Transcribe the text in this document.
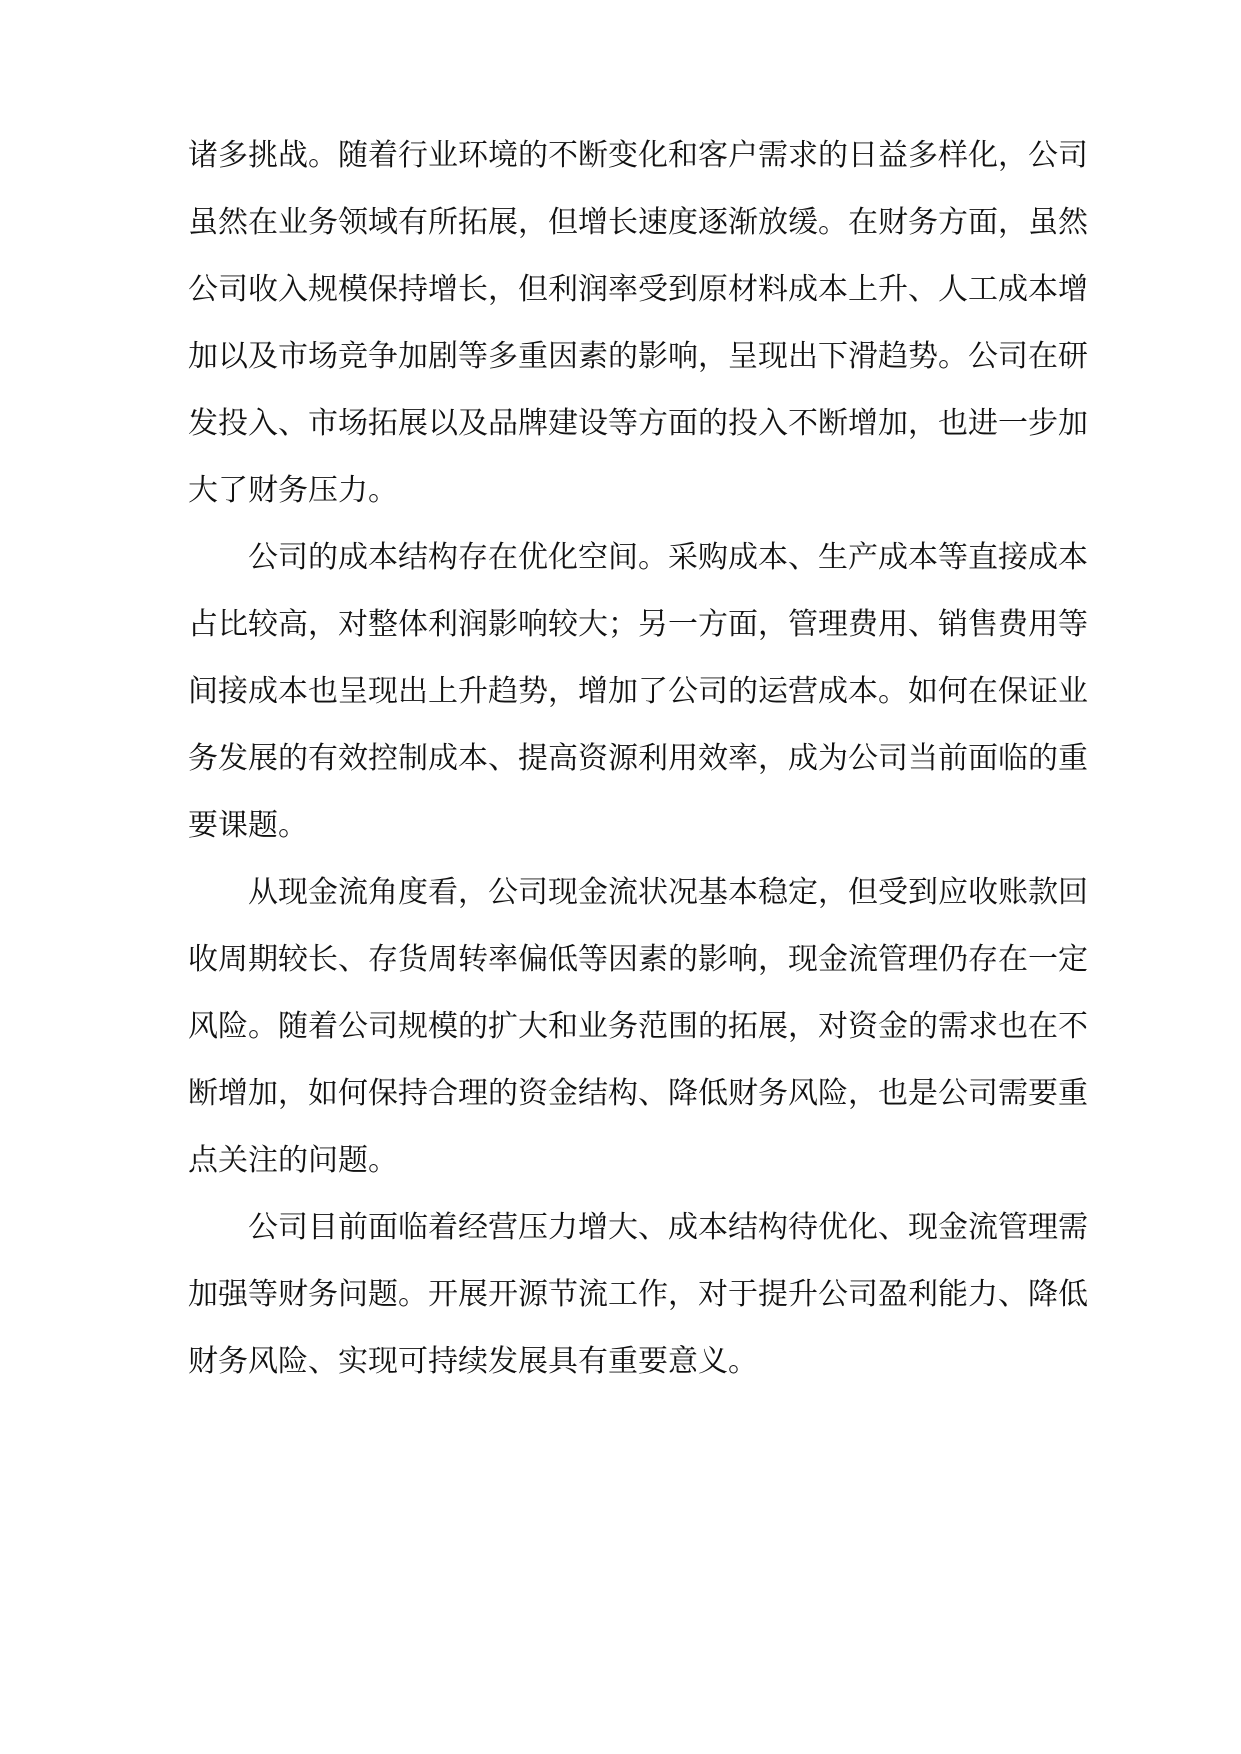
诸多挑战。随着行业环境的不断变化和客户需求的日益多样化，公司
虽然在业务领域有所拓展，但增长速度逐渐放缓。在财务方面，虽然
公司收入规模保持增长，但利润率受到原材料成本上升、人工成本增
加以及市场竞争加剧等多重因素的影响，呈现出下滑趋势。公司在研
发投入、市场拓展以及品牌建设等方面的投入不断增加，也进一步加
大了财务压力。
公司的成本结构存在优化空间。采购成本、生产成本等直接成本
占比较高，对整体利润影响较大；另一方面，管理费用、销售费用等
间接成本也呈现出上升趋势，增加了公司的运营成本。如何在保证业
务发展的有效控制成本、提高资源利用效率，成为公司当前面临的重
要课题。
从现金流角度看，公司现金流状况基本稳定，但受到应收账款回
收周期较长、存货周转率偏低等因素的影响，现金流管理仍存在一定
风险。随着公司规模的扩大和业务范围的拓展，对资金的需求也在不
断增加，如何保持合理的资金结构、降低财务风险，也是公司需要重
点关注的问题。
公司目前面临着经营压力增大、成本结构待优化、现金流管理需
加强等财务问题。开展开源节流工作，对于提升公司盈利能力、降低
财务风险、实现可持续发展具有重要意义。
